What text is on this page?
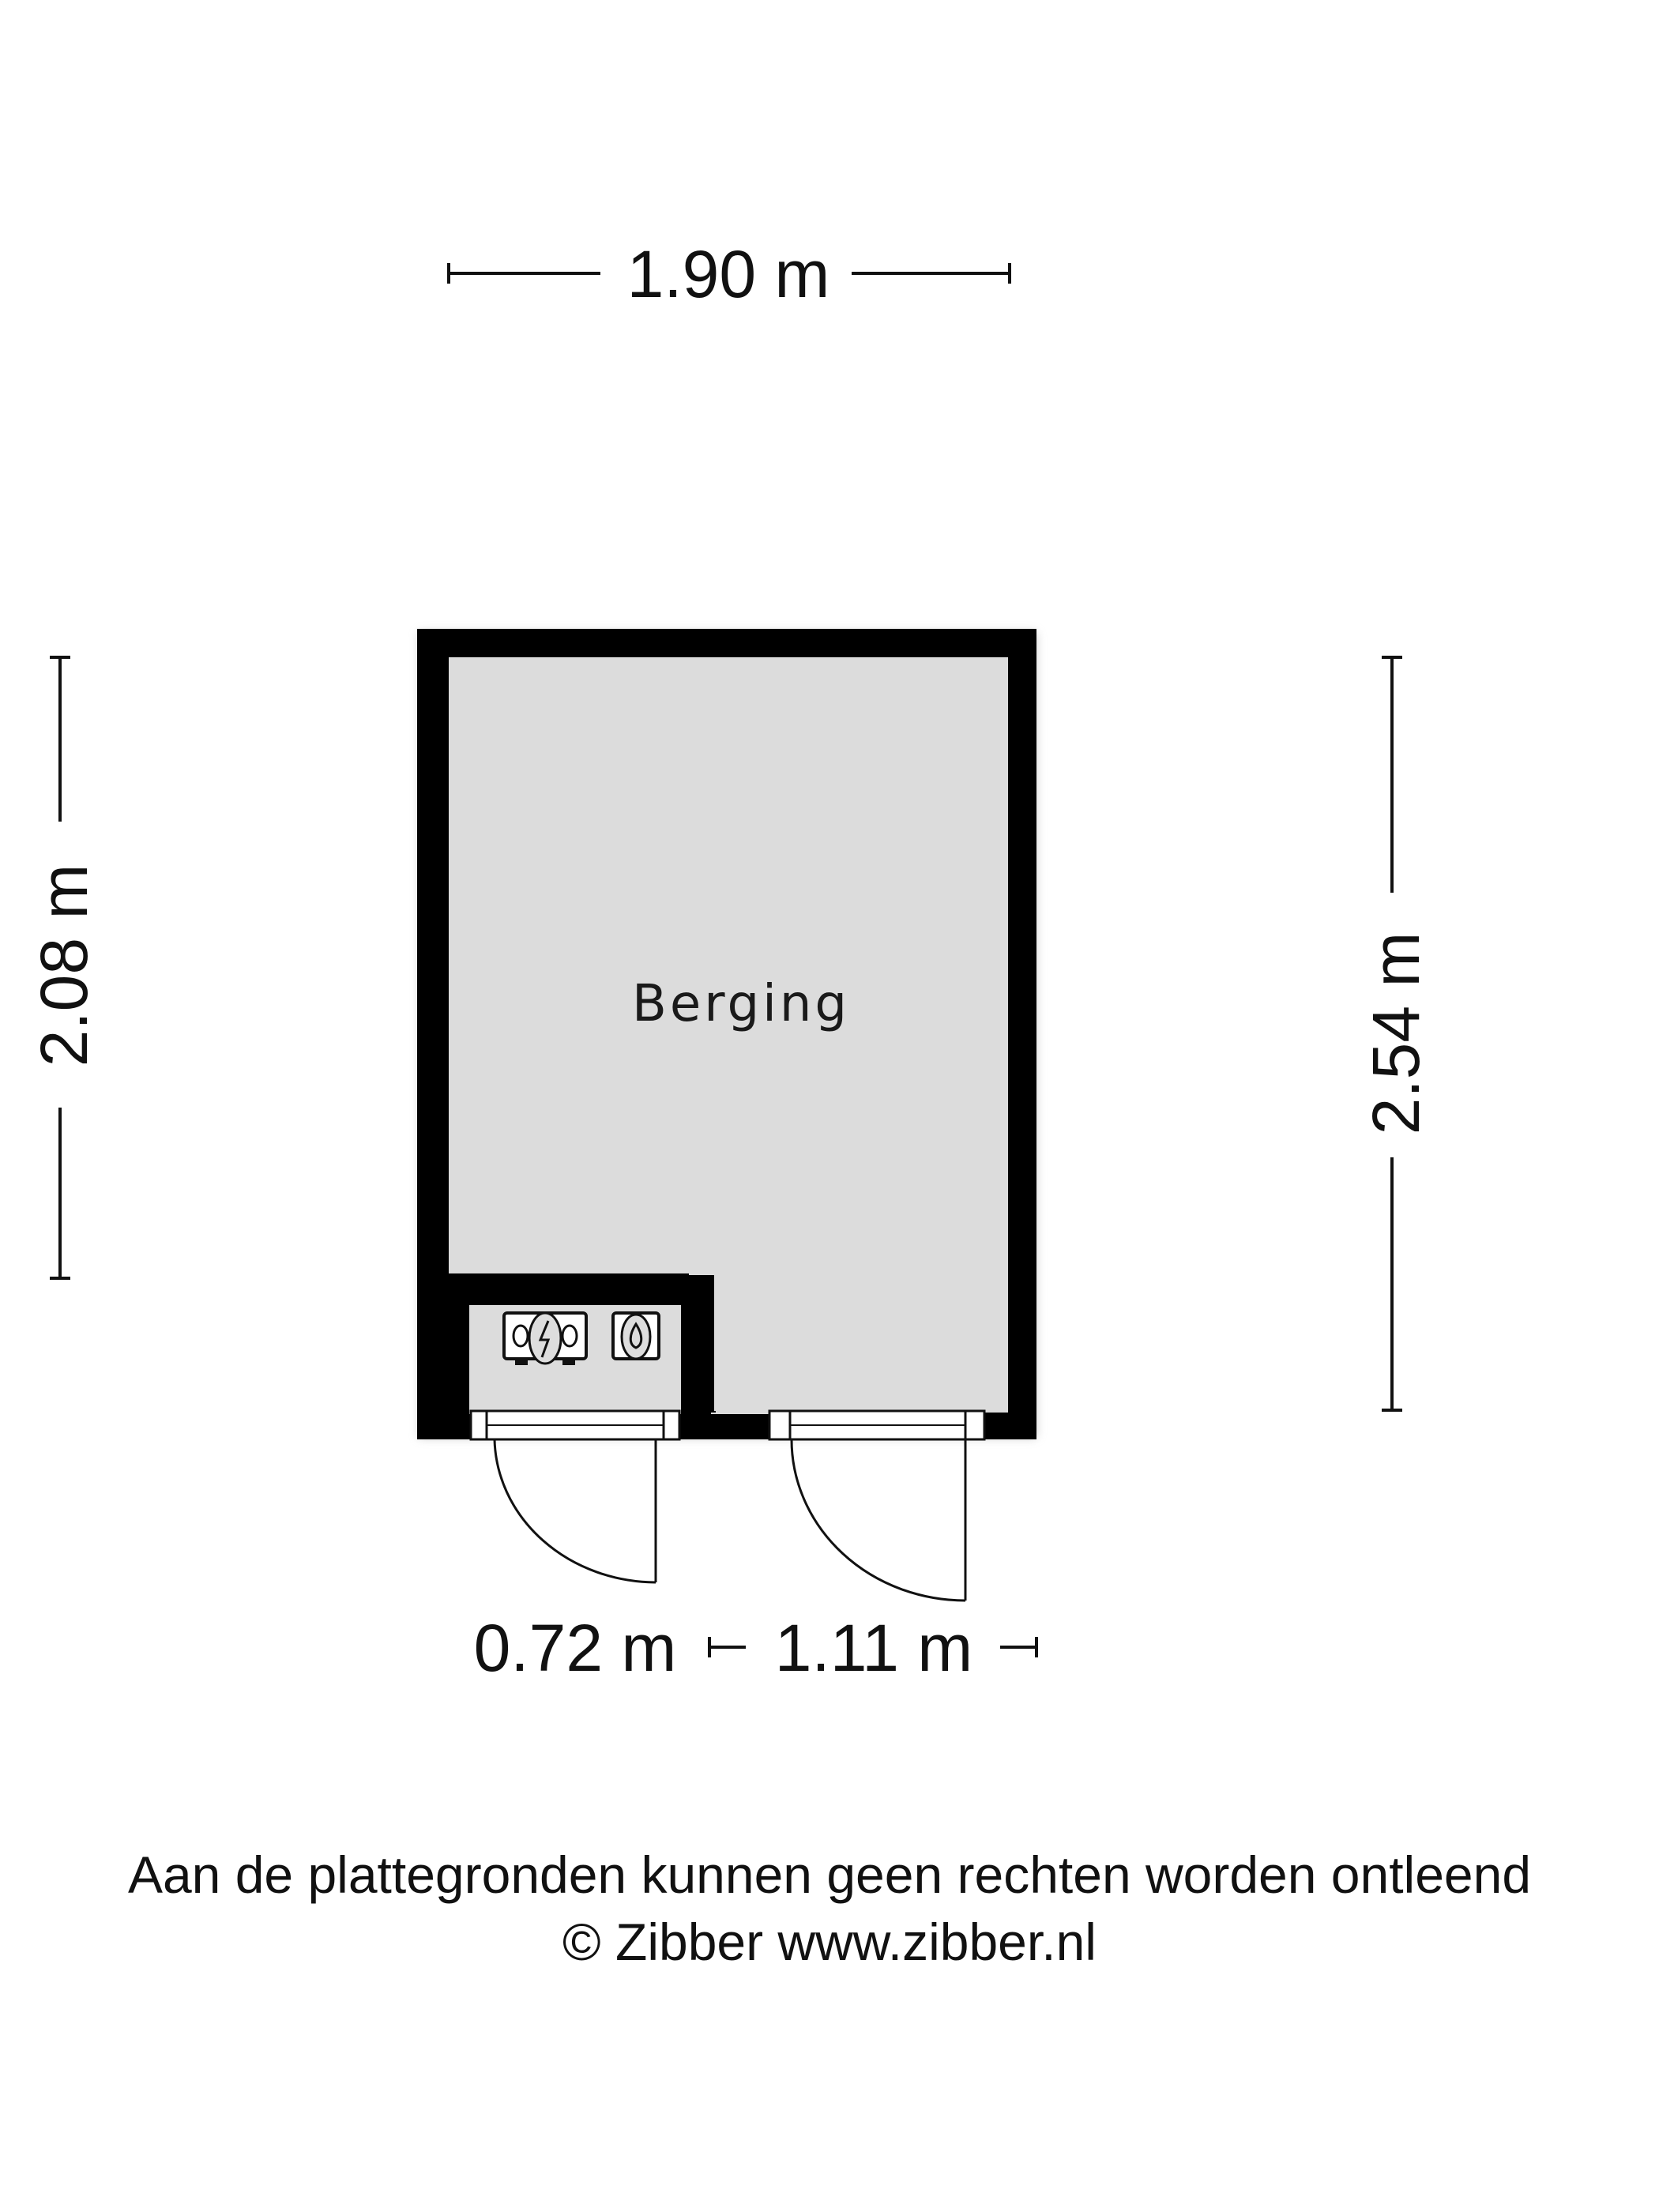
1.90 m
2.08 m	2.54 m
Berging
0.72 m 1.11 m
Aan de plattegronden kunnen geen rechten worden ontleend
© Zibber www.zibber.nl
